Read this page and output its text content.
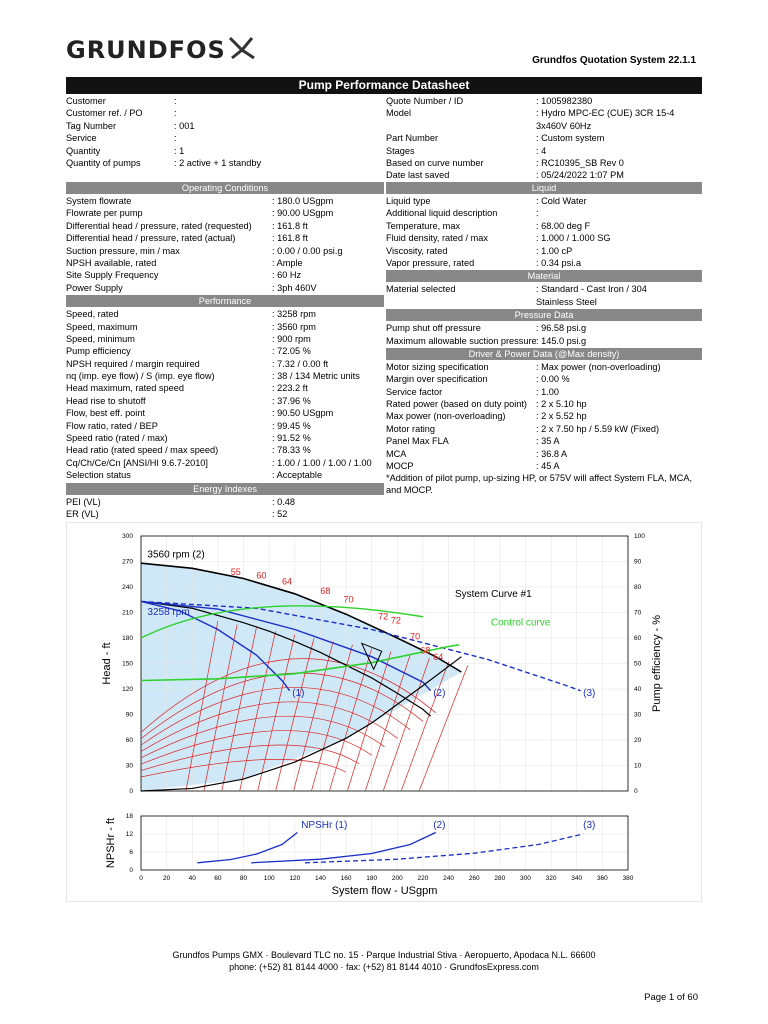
GRUNDFOS	Grundfos Quotation System 22.1.1
Pump Performance Datasheet
Customer	:
Customer ref. / PO	:
Tag Number	: 001
Service	:
Quantity	: 1
Quantity of pumps	: 2 active + 1 standby
Quote Number / ID	: 1005982380
Model	: Hydro MPC-EC (CUE) 3CR 15-4
3x460V 60Hz
Part Number	: Custom system
Stages	: 4
Based on curve number	: RC10395_SB Rev 0
Date last saved	: 05/24/2022 1:07 PM
Operating Conditions
System flowrate	: 180.0 USgpm
Flowrate per pump	: 90.00 USgpm
Differential head / pressure, rated (requested) : 161.8 ft
Differential head / pressure, rated (actual)	: 161.8 ft
Suction pressure, min / max	: 0.00 / 0.00 psi.g
NPSH available, rated	: Ample
Site Supply Frequency	: 60 Hz
Power Supply	: 3ph 460V
Performance
Speed, rated	: 3258 rpm
Speed, maximum	: 3560 rpm
Speed, minimum	: 900 rpm
Pump efficiency	: 72.05 %
NPSH required / margin required	: 7.32 / 0.00 ft
nq (imp. eye flow) / S (imp. eye flow)	: 38 / 134 Metric units
Head maximum, rated speed	: 223.2 ft
Head rise to shutoff	: 37.96 %
Flow, best eff. point	: 90.50 USgpm
Flow ratio, rated / BEP	: 99.45 %
Speed ratio (rated / max)	: 91.52 %
Head ratio (rated speed / max speed)	: 78.33 %
Cq/Ch/Ce/Cn [ANSI/HI 9.6.7-2010]	: 1.00 / 1.00 / 1.00 / 1.00
Selection status	: Acceptable
Energy Indexes
PEI (VL)	: 0.48
ER (VL)	: 52
Liquid
Liquid type	: Cold Water
Additional liquid description	:
Temperature, max	: 68.00 deg F
Fluid density, rated / max	: 1.000 / 1.000 SG
Viscosity, rated	: 1.00 cP
Vapor pressure, rated	: 0.34 psi.a
Material
Material selected	: Standard - Cast Iron / 304
Stainless Steel
Pressure Data
Pump shut off pressure	: 96.58 psi.g
Maximum allowable suction pressure : 145.0 psi.g
Driver & Power Data (@Max density)
Motor sizing specification	: Max power (non-overloading)
Margin over specification	: 0.00 %
Service factor	: 1.00
Rated power (based on duty point) : 2 x 5.10 hp
Max power (non-overloading)	: 2 x 5.52 hp
Motor rating	: 2 x 7.50 hp / 5.59 kW (Fixed)
Panel Max FLA	: 35 A
MCA	: 36.8 A
MOCP	: 45 A
*Addition of pilot pump, up-sizing HP, or 575V will affect System FLA, MCA, and MOCP.
0	20	40	60	80	100 120 140 160 180 200 220 240 260 280 300 320 340 360 380
0
30
60
90
120
150
180
210
240
270
300
0
10
20
30
40
50
60
70
80
90
100
0
6
12
18
3560 rpm (2)
3258 rpm
System Curve #1
Control curve
(1)	(2)	(3)
NPSHr (1)	(2)	(3)
55 60
64
68
70
72 72
70
68
64
System flow - USgpm
Head - ft	Pump efficiency - %
NPSHr - ft
Grundfos Pumps GMX · Boulevard TLC no. 15 · Parque Industrial Stiva · Aeropuerto, Apodaca N.L. 66600
phone: (+52) 81 8144 4000 · fax: (+52) 81 8144 4010 · GrundfosExpress.com
Page 1 of 60
